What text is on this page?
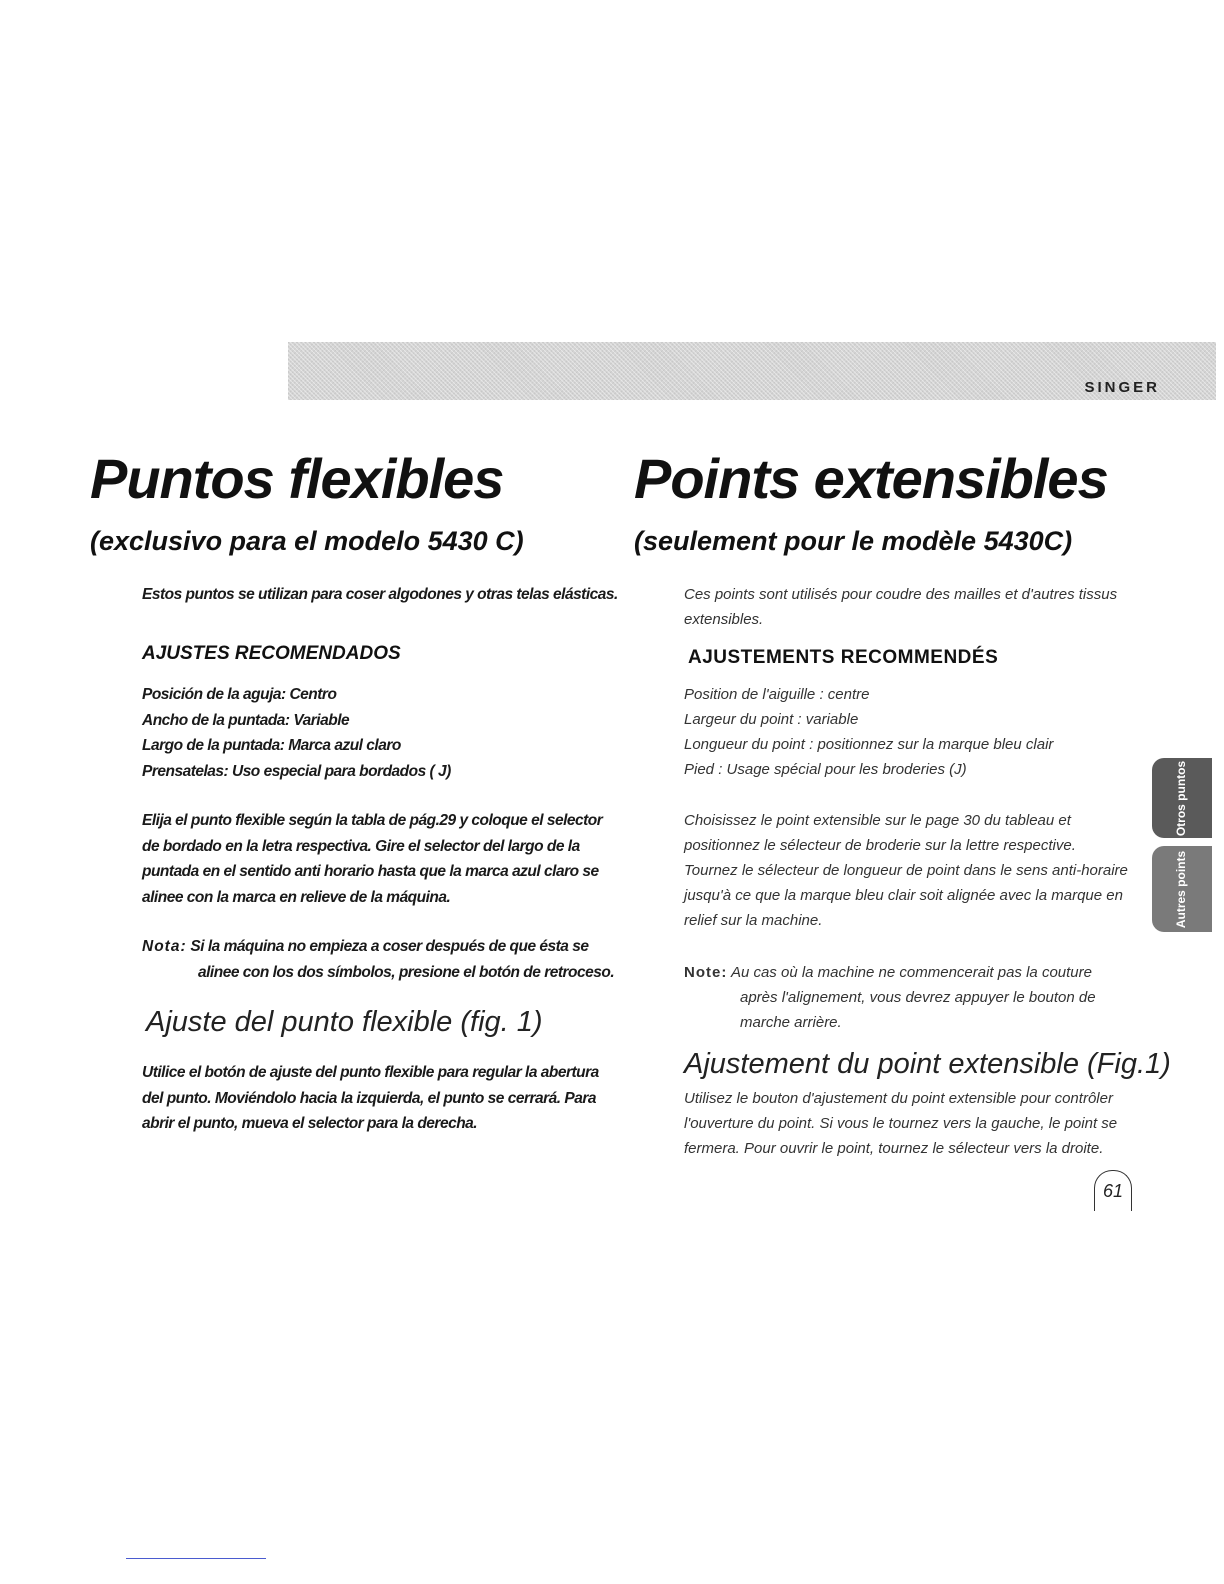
SINGER
Puntos flexibles
(exclusivo para el modelo 5430 C)
Estos puntos se utilizan para coser algodones y otras telas elásticas.
AJUSTES RECOMENDADOS
Posición de la aguja: Centro
Ancho de la puntada: Variable
Largo de la puntada: Marca azul claro
Prensatelas: Uso especial para bordados ( J)
Elija el punto flexible según la tabla de pág.29 y coloque el selector
de bordado en la letra respectiva. Gire el selector del largo de la
puntada en el sentido anti horario hasta que la marca azul claro se
alinee con la marca en relieve de la máquina.
Nota: Si la máquina no empieza a coser después de que ésta se
alinee con los dos símbolos, presione el botón de retroceso.
Ajuste del punto flexible (fig. 1)
Utilice el botón de ajuste del punto flexible para regular la abertura
del punto. Moviéndolo hacia la izquierda, el punto se cerrará. Para
abrir el punto, mueva el selector para la derecha.
Points extensibles
(seulement pour le modèle 5430C)
Ces points sont utilisés pour coudre des mailles et d'autres tissus
extensibles.
AJUSTEMENTS RECOMMENDÉS
Position de l'aiguille : centre
Largeur du point : variable
Longueur du point : positionnez sur la marque bleu clair
Pied : Usage spécial pour les broderies (J)
Choisissez le point extensible sur le page 30 du tableau et
positionnez le sélecteur de broderie sur la lettre respective.
Tournez le sélecteur de longueur de point dans le sens anti-horaire
jusqu'à ce que la marque bleu clair soit alignée avec la marque en
relief sur la machine.
Note: Au cas où la machine ne commencerait pas la couture
après l'alignement, vous devrez appuyer le bouton de
marche arrière.
Ajustement du point extensible (Fig.1)
Utilisez le bouton d'ajustement du point extensible pour contrôler
l'ouverture du point. Si vous le tournez vers la gauche, le point se
fermera. Pour ouvrir le point, tournez le sélecteur vers la droite.
Otros puntos
Autres points
61
